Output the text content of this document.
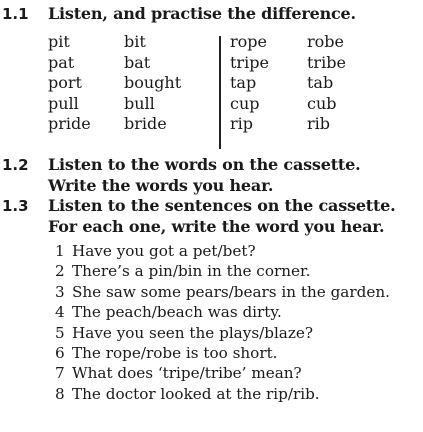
1.1 Listen, and practise the difference.
pit
pat
port
pull
pride
bit
bat
bought
bull
bride
rope
tripe
tap
cup
rip
robe
tribe
tab
cub
rib
1.2 Listen to the words on the cassette.
Write the words you hear.
1.3 Listen to the sentences on the cassette.
For each one, write the word you hear.
1 Have you got a pet/bet?
2 There’s a pin/bin in the corner.
3 She saw some pears/bears in the garden.
4 The peach/beach was dirty.
5 Have you seen the plays/blaze?
6 The rope/robe is too short.
7 What does ‘tripe/tribe’ mean?
8 The doctor looked at the rip/rib.
